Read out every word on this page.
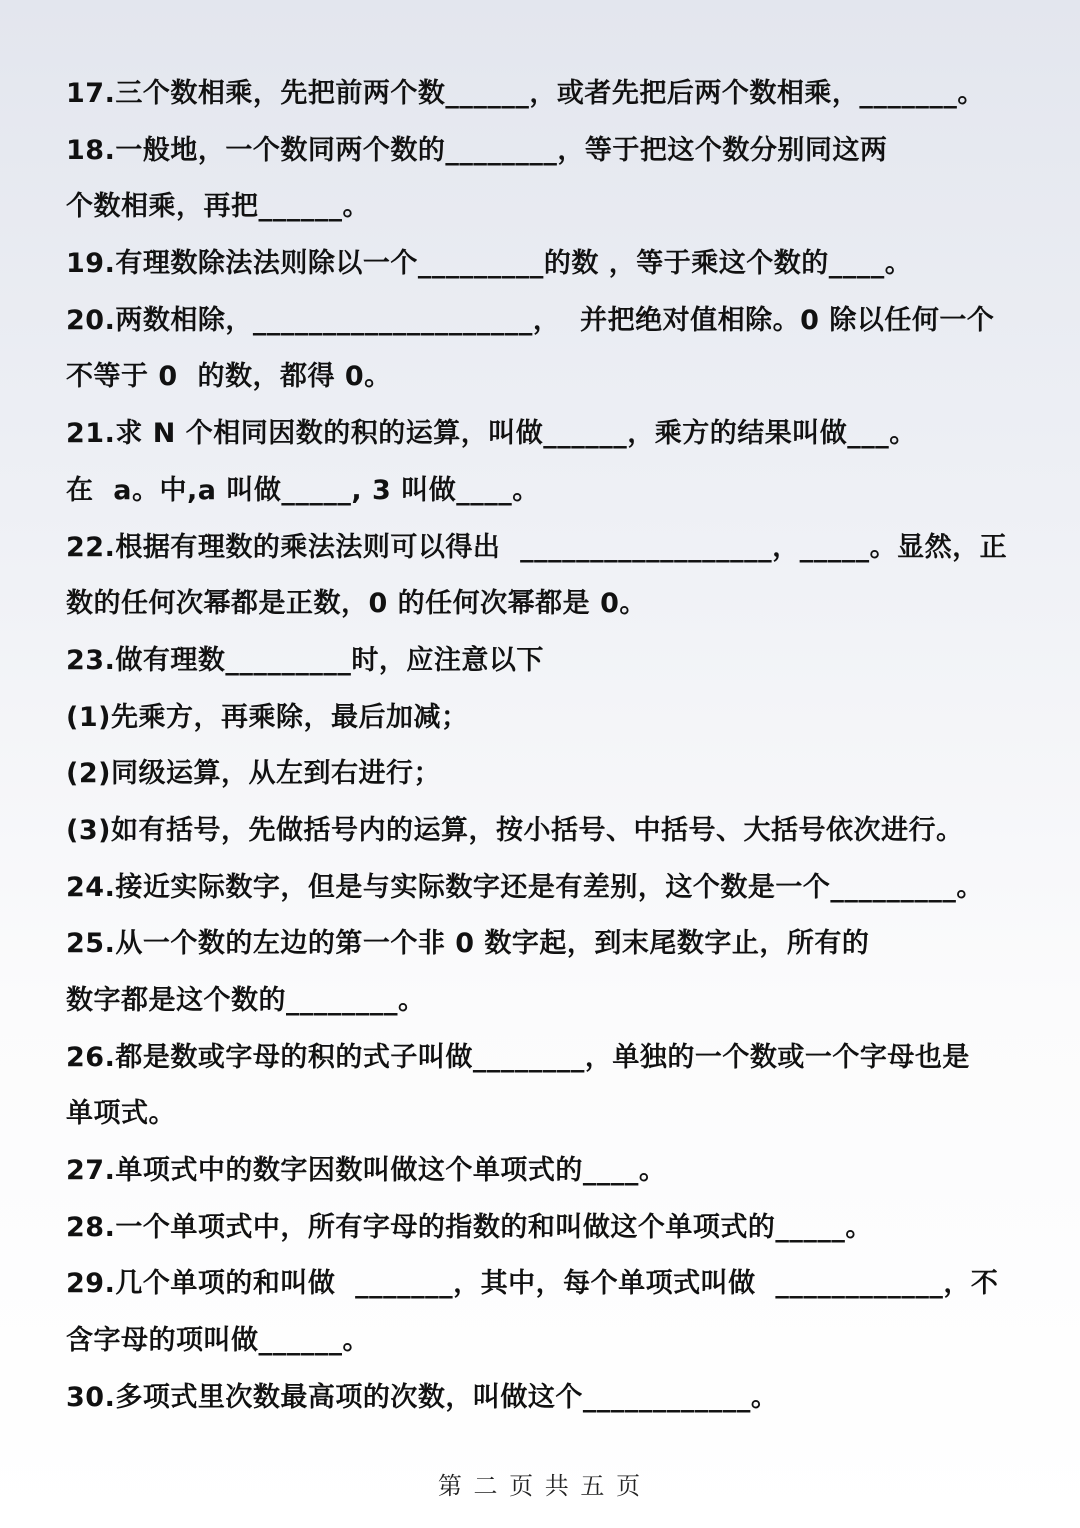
17.三个数相乘，先把前两个数______，或者先把后两个数相乘，_______。
18.一般地，一个数同两个数的________，等于把这个数分别同这两
个数相乘，再把______。
19.有理数除法法则除以一个_________的数 ，等于乘这个数的____。
20.两数相除，____________________，  并把绝对值相除。0 除以任何一个
不等于 0  的数，都得 0。
21.求 N 个相同因数的积的运算，叫做______，乘方的结果叫做___。
在  a。中,a 叫做_____, 3 叫做____。
22.根据有理数的乘法法则可以得出  __________________，_____。显然，正
数的任何次幂都是正数，0 的任何次幂都是 0。
23.做有理数_________时，应注意以下
(1)先乘方，再乘除，最后加减；
(2)同级运算，从左到右进行；
(3)如有括号，先做括号内的运算，按小括号、中括号、大括号依次进行。
24.接近实际数字，但是与实际数字还是有差别，这个数是一个_________。
25.从一个数的左边的第一个非 0 数字起，到末尾数字止，所有的
数字都是这个数的________。
26.都是数或字母的积的式子叫做________，单独的一个数或一个字母也是
单项式。
27.单项式中的数字因数叫做这个单项式的____。
28.一个单项式中，所有字母的指数的和叫做这个单项式的_____。
29.几个单项的和叫做  _______，其中，每个单项式叫做  ____________，不
含字母的项叫做______。
30.多项式里次数最高项的次数，叫做这个____________。
第 二 页 共 五 页
